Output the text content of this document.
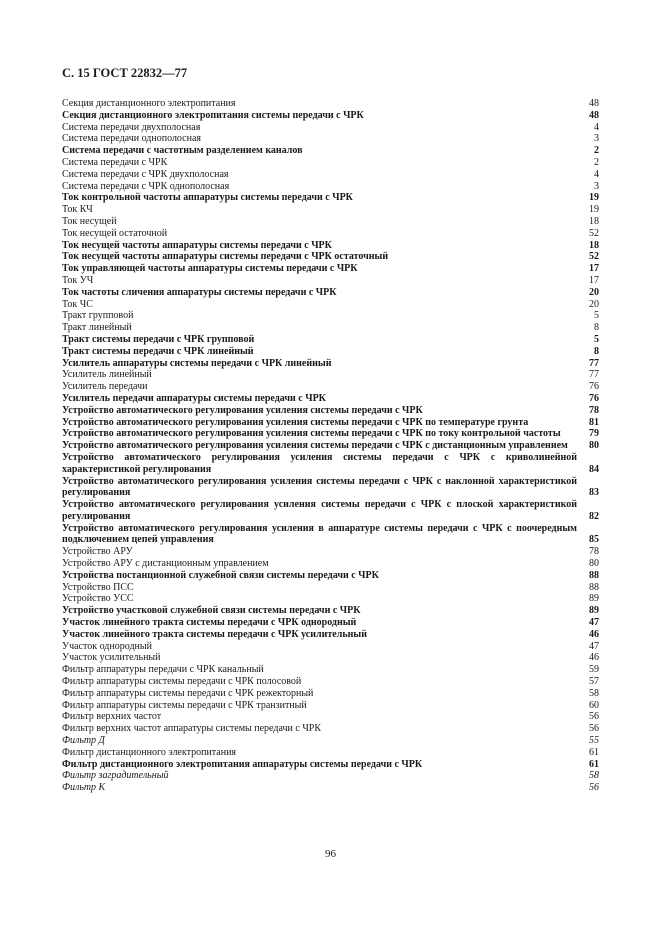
С. 15 ГОСТ 22832—77
Секция дистанционного электропитания	48
Секция дистанционного электропитания системы передачи с ЧРК	48
Система передачи двухполосная	4
Система передачи однополосная	3
Система передачи с частотным разделением каналов	2
Система передачи с ЧРК	2
Система передачи с ЧРК двухполосная	4
Система передачи с ЧРК однополосная	3
Ток контрольной частоты аппаратуры системы передачи с ЧРК	19
Ток КЧ	19
Ток несущей	18
Ток несущей остаточной	52
Ток несущей частоты аппаратуры системы передачи с ЧРК	18
Ток несущей частоты аппаратуры системы передачи с ЧРК остаточный	52
Ток управляющей частоты аппаратуры системы передачи с ЧРК	17
Ток УЧ	17
Ток частоты сличения аппаратуры системы передачи с ЧРК	20
Ток ЧС	20
Тракт групповой	5
Тракт линейный	8
Тракт системы передачи с ЧРК групповой	5
Тракт системы передачи с ЧРК линейный	8
Усилитель аппаратуры системы передачи с ЧРК линейный	77
Усилитель линейный	77
Усилитель передачи	76
Усилитель передачи аппаратуры системы передачи с ЧРК	76
Устройство автоматического регулирования усиления системы передачи с ЧРК	78
Устройство автоматического регулирования усиления системы передачи с ЧРК по температуре грунта	81
Устройство автоматического регулирования усиления системы передачи с ЧРК по току контрольной частоты	79
Устройство автоматического регулирования усиления системы передачи с ЧРК с дистанционным управлением	80
Устройство автоматического регулирования усиления системы передачи с ЧРК с криволинейной характеристикой регулирования	84
Устройство автоматического регулирования усиления системы передачи с ЧРК с наклонной характеристикой регулирования	83
Устройство автоматического регулирования усиления системы передачи с ЧРК с плоской характеристикой регулирования	82
Устройство автоматического регулирования усиления в аппаратуре системы передачи с ЧРК с поочередным подключением цепей управления	85
Устройство АРУ	78
Устройство АРУ с дистанционным управлением	80
Устройства постанционной служебной связи системы передачи с ЧРК	88
Устройство ПСС	88
Устройство УСС	89
Устройство участковой служебной связи системы передачи с ЧРК	89
Участок линейного тракта системы передачи с ЧРК однородный	47
Участок линейного тракта системы передачи с ЧРК усилительный	46
Участок однородный	47
Участок усилительный	46
Фильтр аппаратуры передачи с ЧРК канальный	59
Фильтр аппаратуры системы передачи с ЧРК полосовой	57
Фильтр аппаратуры системы передачи с ЧРК режекторный	58
Фильтр аппаратуры системы передачи с ЧРК транзитный	60
Фильтр верхних частот	56
Фильтр верхних частот аппаратуры системы передачи с ЧРК	56
Фильтр Д	55
Фильтр дистанционного электропитания	61
Фильтр дистанционного электропитания аппаратуры системы передачи с ЧРК	61
Фильтр заградительный	58
Фильтр К	56
96
